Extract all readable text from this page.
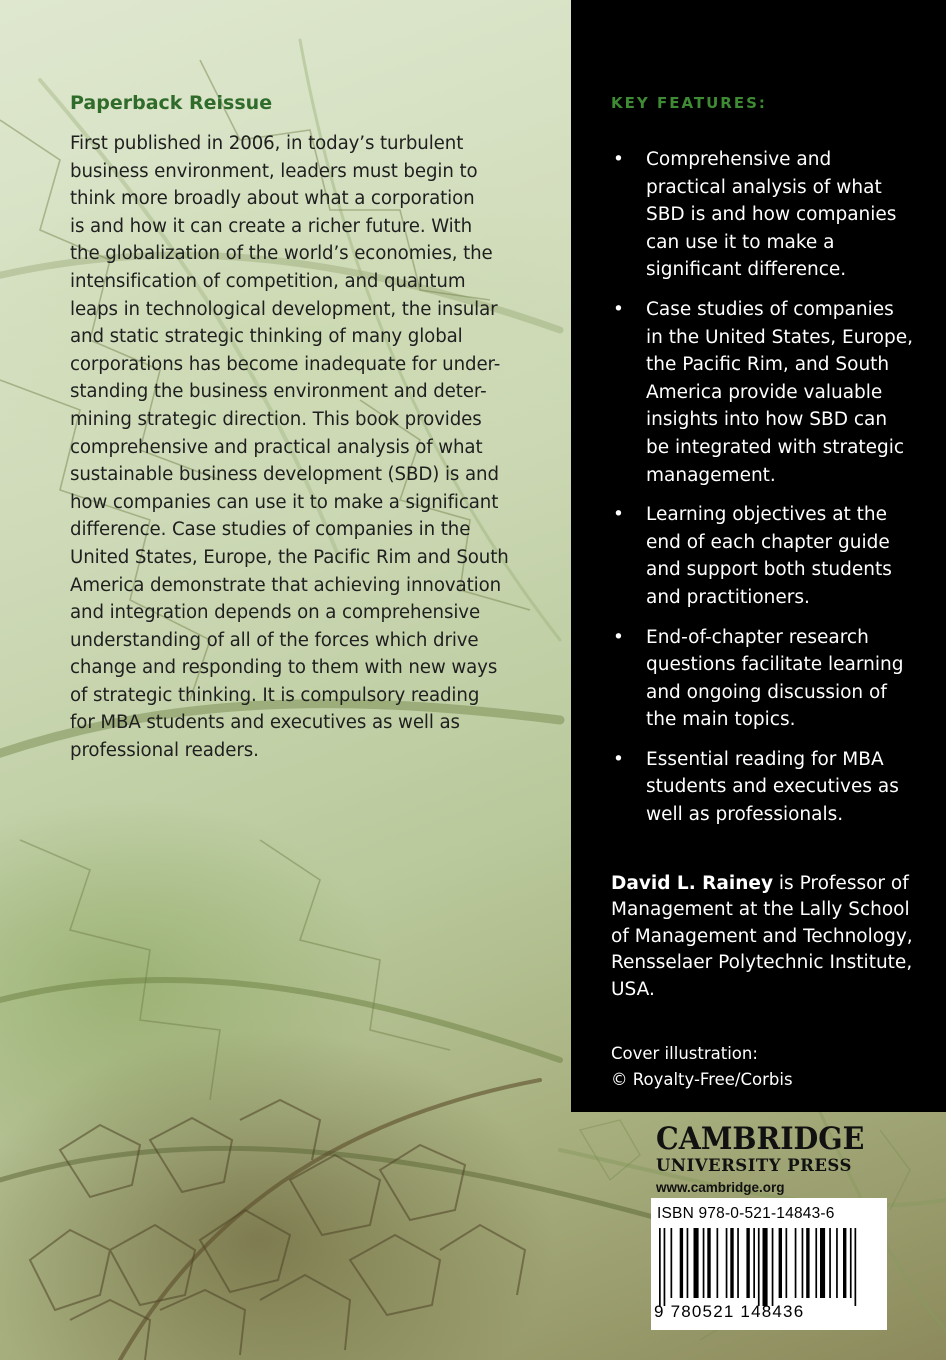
Paperback Reissue

First published in 2006, in today’s turbulent
business environment, leaders must begin to
think more broadly about what a corporation
is and how it can create a richer future. With
the globalization of the world’s economies, the
intensification of competition, and quantum
leaps in technological development, the insular
and static strategic thinking of many global
corporations has become inadequate for under-
standing the business environment and deter-
mining strategic direction. This book provides
comprehensive and practical analysis of what
sustainable business development (SBD) is and
how companies can use it to make a significant
difference. Case studies of companies in the
United States, Europe, the Pacific Rim and South
America demonstrate that achieving innovation
and integration depends on a comprehensive
understanding of all of the forces which drive
change and responding to them with new ways
of strategic thinking. It is compulsory reading
for MBA students and executives as well as
professional readers.

KEY FEATURES:
• Comprehensive and
practical analysis of what
SBD is and how companies
can use it to make a
significant difference.
• Case studies of companies
in the United States, Europe,
the Pacific Rim, and South
America provide valuable
insights into how SBD can
be integrated with strategic
management.
• Learning objectives at the
end of each chapter guide
and support both students
and practitioners.
• End-of-chapter research
questions facilitate learning
and ongoing discussion of
the main topics.
• Essential reading for MBA
students and executives as
well as professionals.

David L. Rainey is Professor of
Management at the Lally School
of Management and Technology,
Rensselaer Polytechnic Institute,
USA.

Cover illustration:
© Royalty-Free/Corbis

CAMBRIDGE
UNIVERSITY PRESS
www.cambridge.org

ISBN 978-0-521-14843-6

9 780521 148436
